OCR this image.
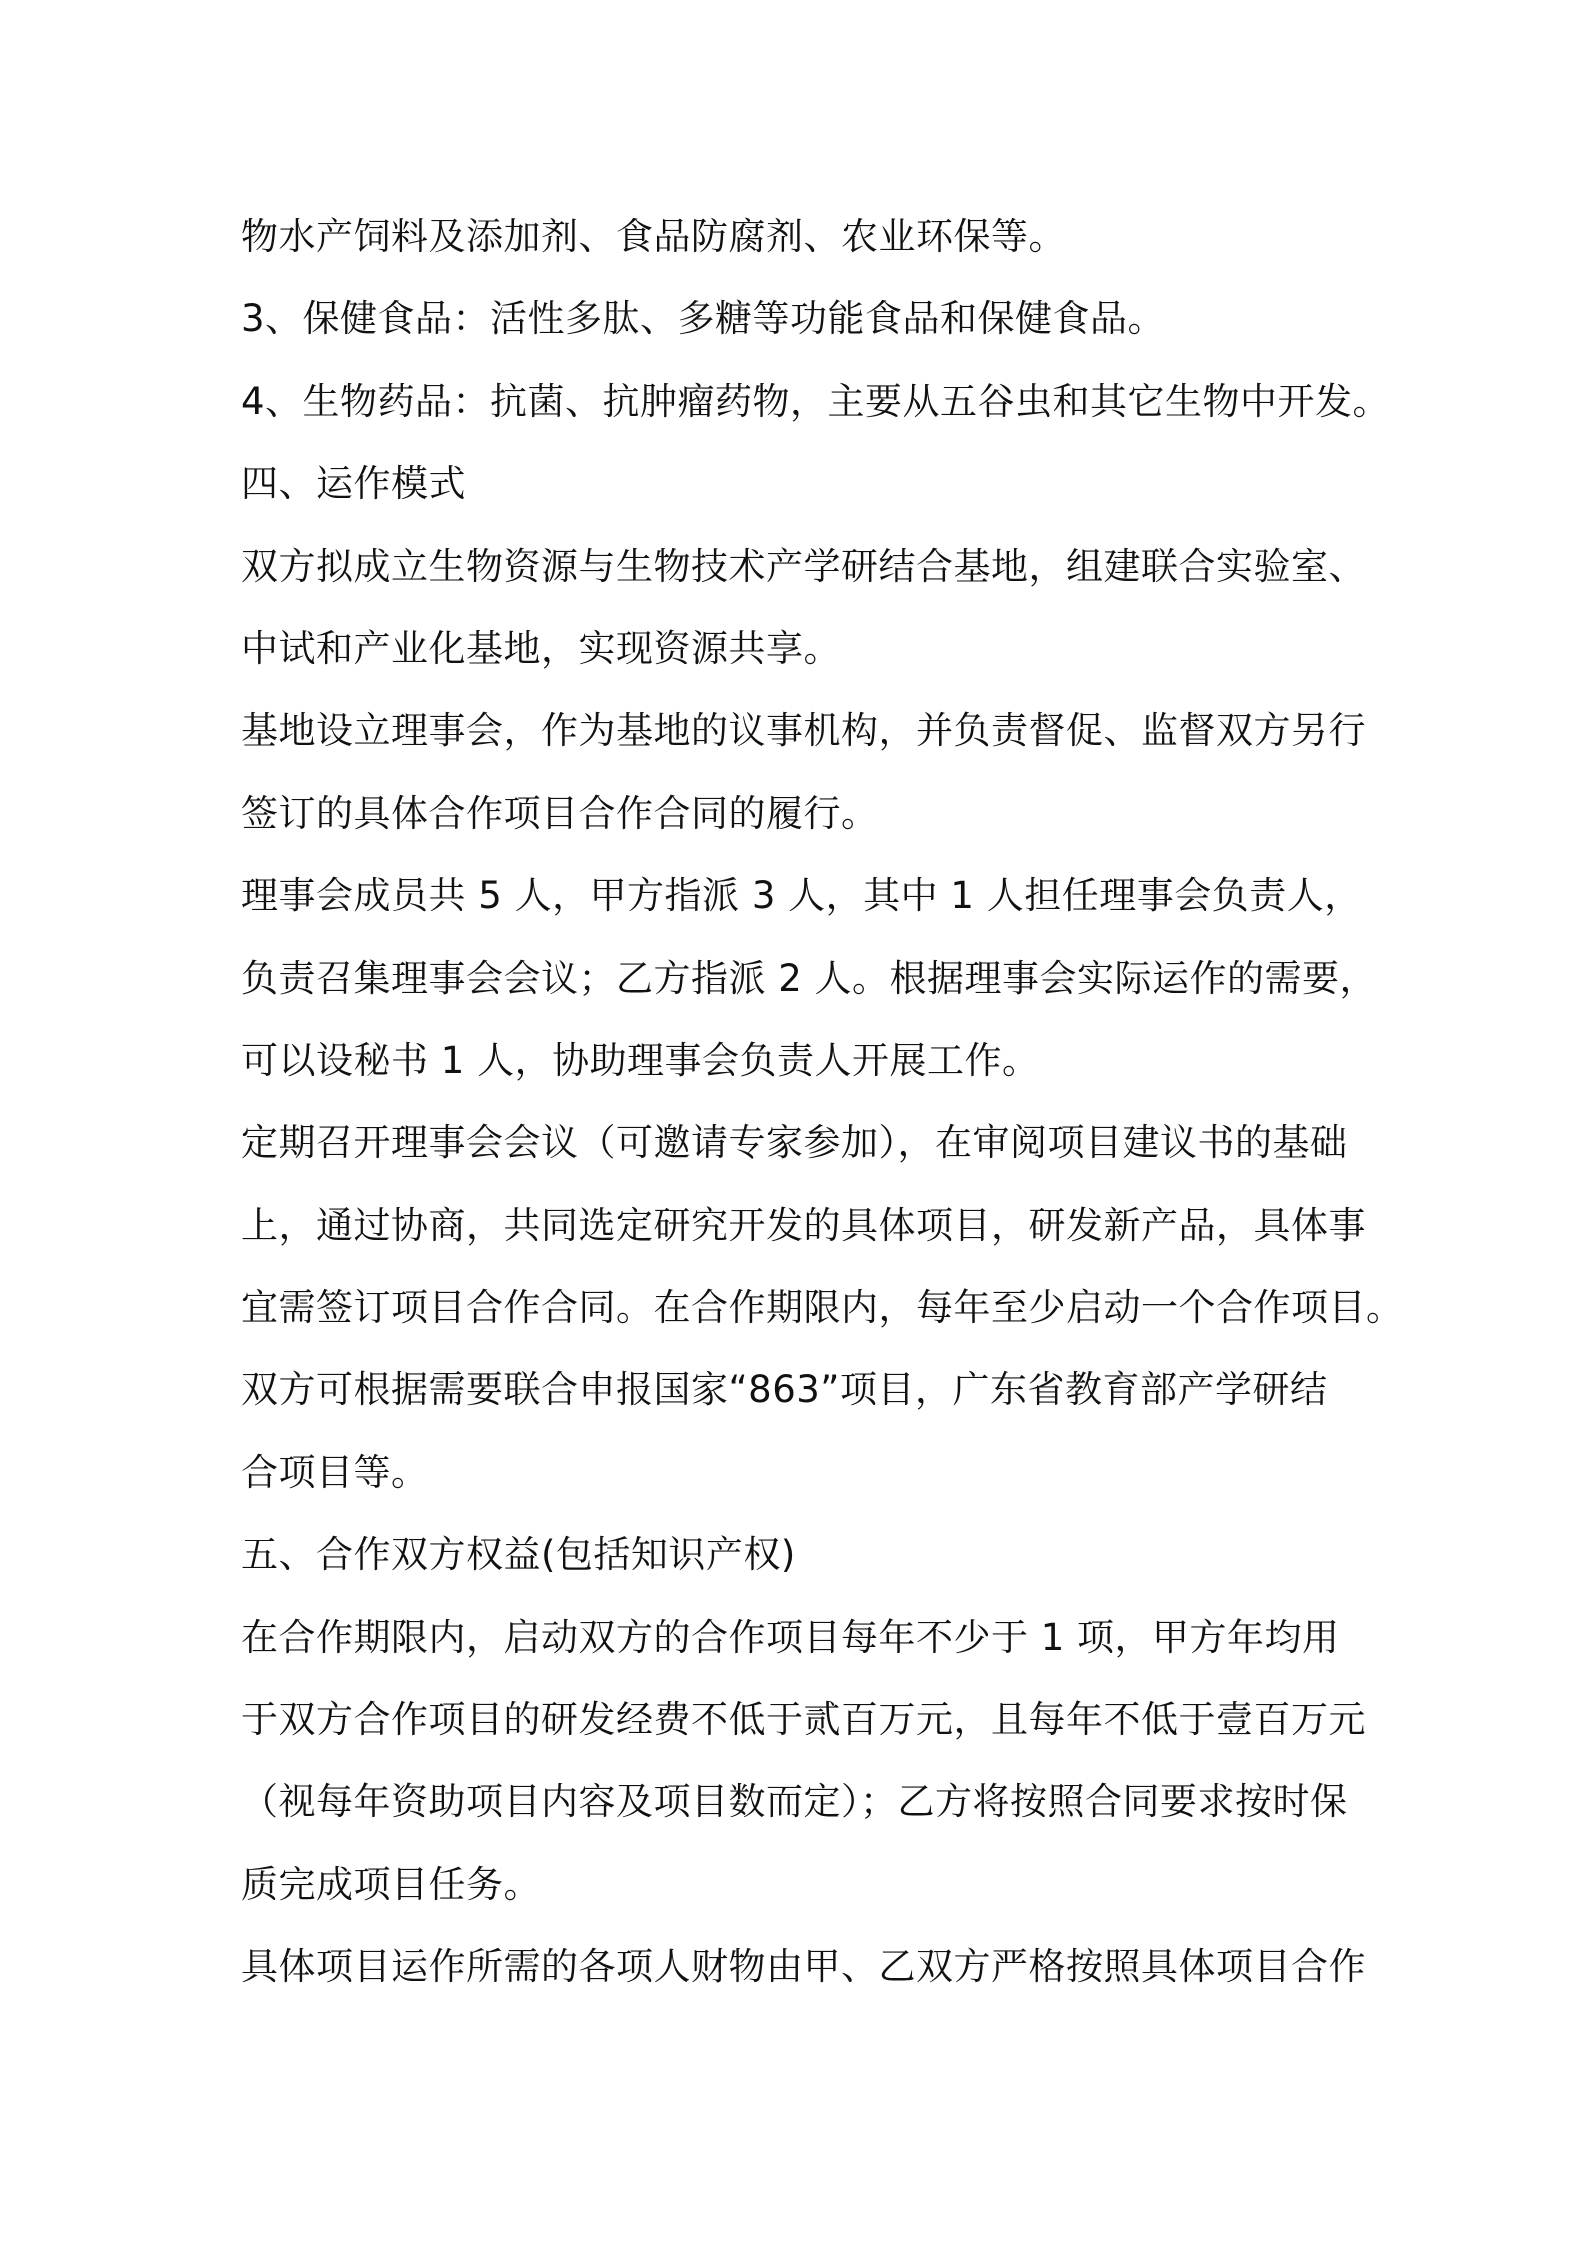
物水产饲料及添加剂、食品防腐剂、农业环保等。
3、保健食品：活性多肽、多糖等功能食品和保健食品。
4、生物药品：抗菌、抗肿瘤药物，主要从五谷虫和其它生物中开发。
四、运作模式
双方拟成立生物资源与生物技术产学研结合基地，组建联合实验室、
中试和产业化基地，实现资源共享。
基地设立理事会，作为基地的议事机构，并负责督促、监督双方另行
签订的具体合作项目合作合同的履行。
理事会成员共 5 人，甲方指派 3 人，其中 1 人担任理事会负责人，
负责召集理事会会议；乙方指派 2 人。根据理事会实际运作的需要，
可以设秘书 1 人，协助理事会负责人开展工作。
定期召开理事会会议（可邀请专家参加），在审阅项目建议书的基础
上，通过协商，共同选定研究开发的具体项目，研发新产品，具体事
宜需签订项目合作合同。在合作期限内，每年至少启动一个合作项目。
双方可根据需要联合申报国家“863”项目，广东省教育部产学研结
合项目等。
五、合作双方权益(包括知识产权)
在合作期限内，启动双方的合作项目每年不少于 1 项，甲方年均用
于双方合作项目的研发经费不低于贰百万元，且每年不低于壹百万元
（视每年资助项目内容及项目数而定）；乙方将按照合同要求按时保
质完成项目任务。
具体项目运作所需的各项人财物由甲、乙双方严格按照具体项目合作
